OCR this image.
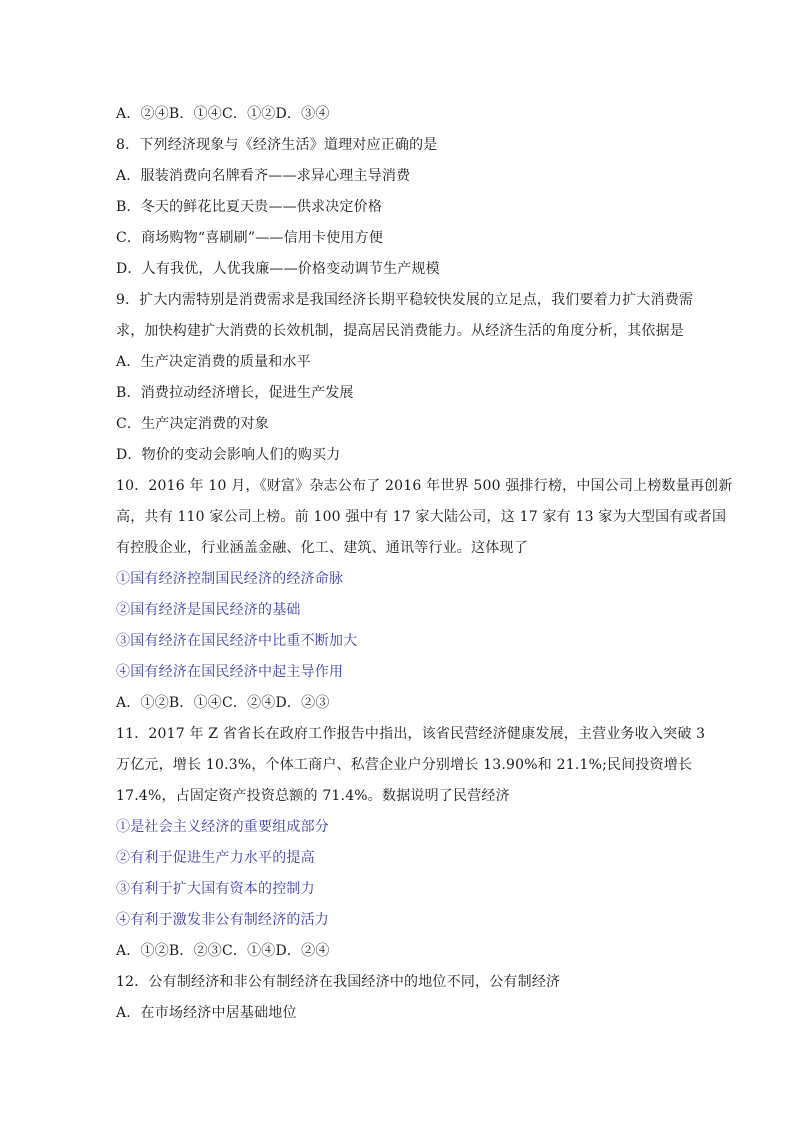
A．②④B．①④C．①②D．③④
8．下列经济现象与《经济生活》道理对应正确的是
A．服装消费向名牌看齐——求异心理主导消费
B．冬天的鲜花比夏天贵——供求决定价格
C．商场购物“喜刷刷”——信用卡使用方便
D．人有我优，人优我廉——价格变动调节生产规模
9．扩大内需特别是消费需求是我国经济长期平稳较快发展的立足点，我们要着力扩大消费需
求，加快构建扩大消费的长效机制，提高居民消费能力。从经济生活的角度分析，其依据是
A．生产决定消费的质量和水平
B．消费拉动经济增长，促进生产发展
C．生产决定消费的对象
D．物价的变动会影响人们的购买力
10．2016 年 10 月，《财富》杂志公布了 2016 年世界 500 强排行榜，中国公司上榜数量再创新
高，共有 110 家公司上榜。前 100 强中有 17 家大陆公司，这 17 家有 13 家为大型国有或者国
有控股企业，行业涵盖金融、化工、建筑、通讯等行业。这体现了
①国有经济控制国民经济的经济命脉
②国有经济是国民经济的基础
③国有经济在国民经济中比重不断加大
④国有经济在国民经济中起主导作用
A．①②B．①④C．②④D．②③
11．2017 年 Z 省省长在政府工作报告中指出，该省民营经济健康发展，主营业务收入突破 3
万亿元，增长 10.3%，个体工商户、私营企业户分别增长 13.90%和 21.1%;民间投资增长
17.4%，占固定资产投资总额的 71.4%。数据说明了民营经济
①是社会主义经济的重要组成部分
②有利于促进生产力水平的提高
③有利于扩大国有资本的控制力
④有利于激发非公有制经济的活力
A．①②B．②③C．①④D．②④
12．公有制经济和非公有制经济在我国经济中的地位不同，公有制经济
A．在市场经济中居基础地位
